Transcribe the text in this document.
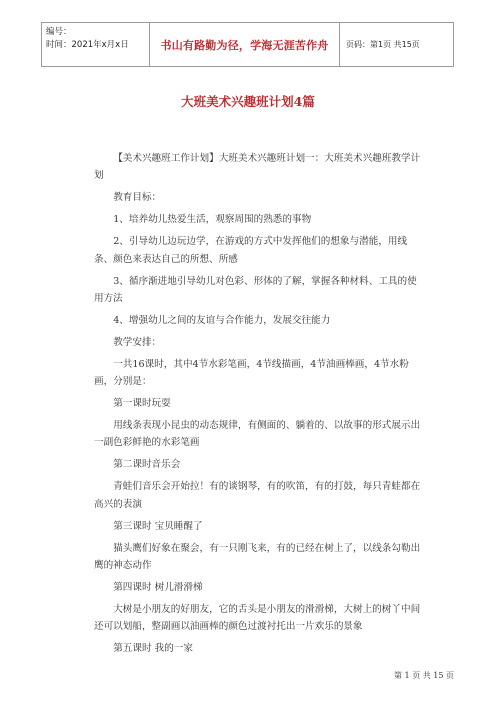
编号：
时间：2021年x月x日	书山有路勤为径，学海无涯苦作舟	页码：第1页 共15页
大班美术兴趣班计划4篇

【美术兴趣班工作计划】大班美术兴趣班计划一：大班美术兴趣班教学计划

教育目标：

1、培养幼儿热爱生活，观察周围的熟悉的事物

2、引导幼儿边玩边学，在游戏的方式中发挥他们的想象与潜能，用线条、颜色来表达自己的所想、所感

3、循序渐进地引导幼儿对色彩、形体的了解，掌握各种材料、工具的使用方法

4、增强幼儿之间的友谊与合作能力，发展交往能力

教学安排：

一共16课时，其中4节水彩笔画，4节线描画，4节油画棒画，4节水粉画，分别是：

第一课时玩耍

用线条表现小昆虫的动态规律，有侧面的、躺着的、以故事的形式展示出一副色彩鲜艳的水彩笔画

第二课时音乐会

青蛙们音乐会开始拉！有的谈钢琴，有的吹笛，有的打鼓，每只青蛙都在高兴的表演

第三课时 宝贝睡醒了

猫头鹰们好象在聚会，有一只刚飞来，有的已经在树上了，以线条勾勒出鹰的神态动作

第四课时 树儿滑滑梯

大树是小朋友的好朋友，它的舌头是小朋友的滑滑梯，大树上的树丫中间还可以划船，整副画以油画棒的颜色过渡衬托出一片欢乐的景象

第五课时 我的一家

第 1 页 共 15 页
